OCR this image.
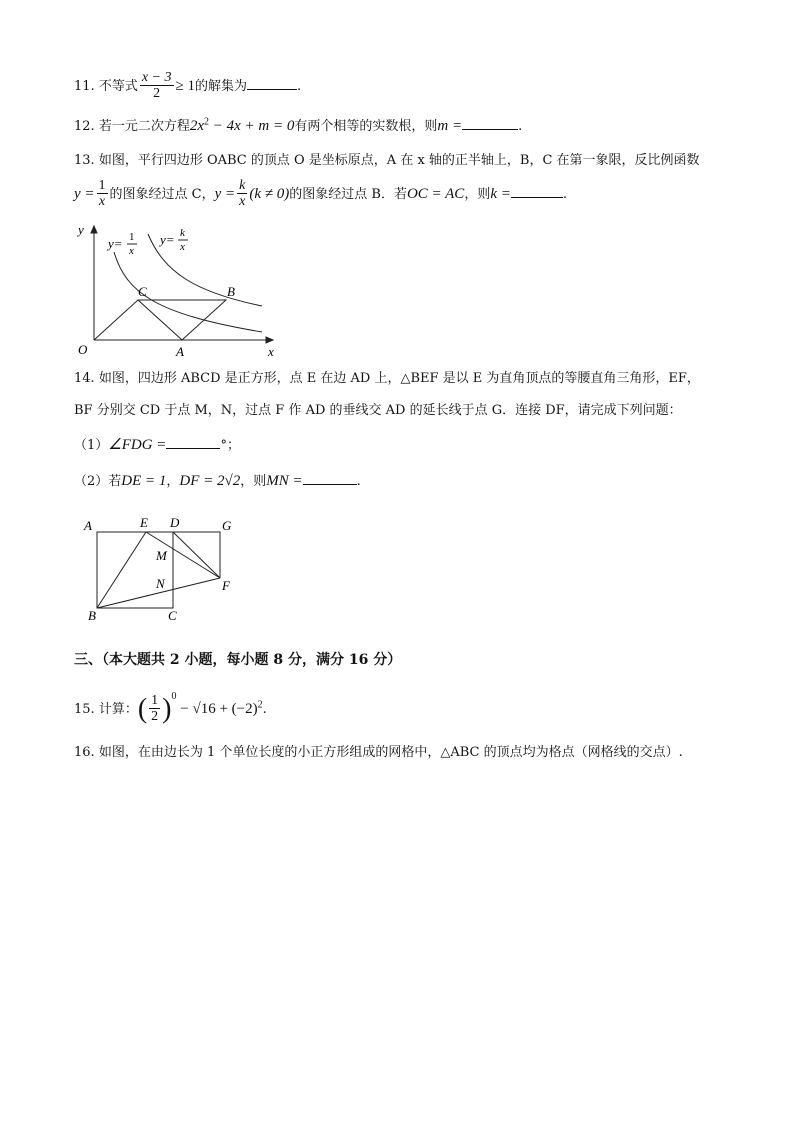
11. 不等式 $\frac{x - 3}{2} \ge 1$的解集为	.
12. 若一元二次方程$2x^2 - 4x + m = 0$有两个相等的实数根，则m =	.
13. 如图，平行四边形 OABC 的顶点 O 是坐标原点，A 在 x 轴的正半轴上，B，C 在第一象限，反比例函数
$y = \frac{1}{x}$ 的图象经过点 C，$y = \frac{k}{x} (k \ne 0)$的图象经过点 B．若OC = AC，则k =	.
y
x
O	A
B
C
y= 1
x
y= k
x
14. 如图，四边形 ABCD 是正方形，点 E 在边 AD 上，△BEF 是以 E 为直角顶点的等腰直角三角形，EF，
BF 分别交 CD 于点 M，N，过点 F 作 AD 的垂线交 AD 的延长线于点 G．连接 DF，请完成下列问题：
（1）∠FDG =	°；
（2）若DE = 1，DF = 2√2，则MN =	.
A	E D	G
M
N	F
B	C
三、（本大题共 2 小题，每小题 8 分，满分 16 分）
15. 计算：( $\frac{1}{2} )^0 - √16 + (-2)^2$.
16. 如图，在由边长为 1 个单位长度的小正方形组成的网格中，△ABC 的顶点均为格点（网格线的交点）.
